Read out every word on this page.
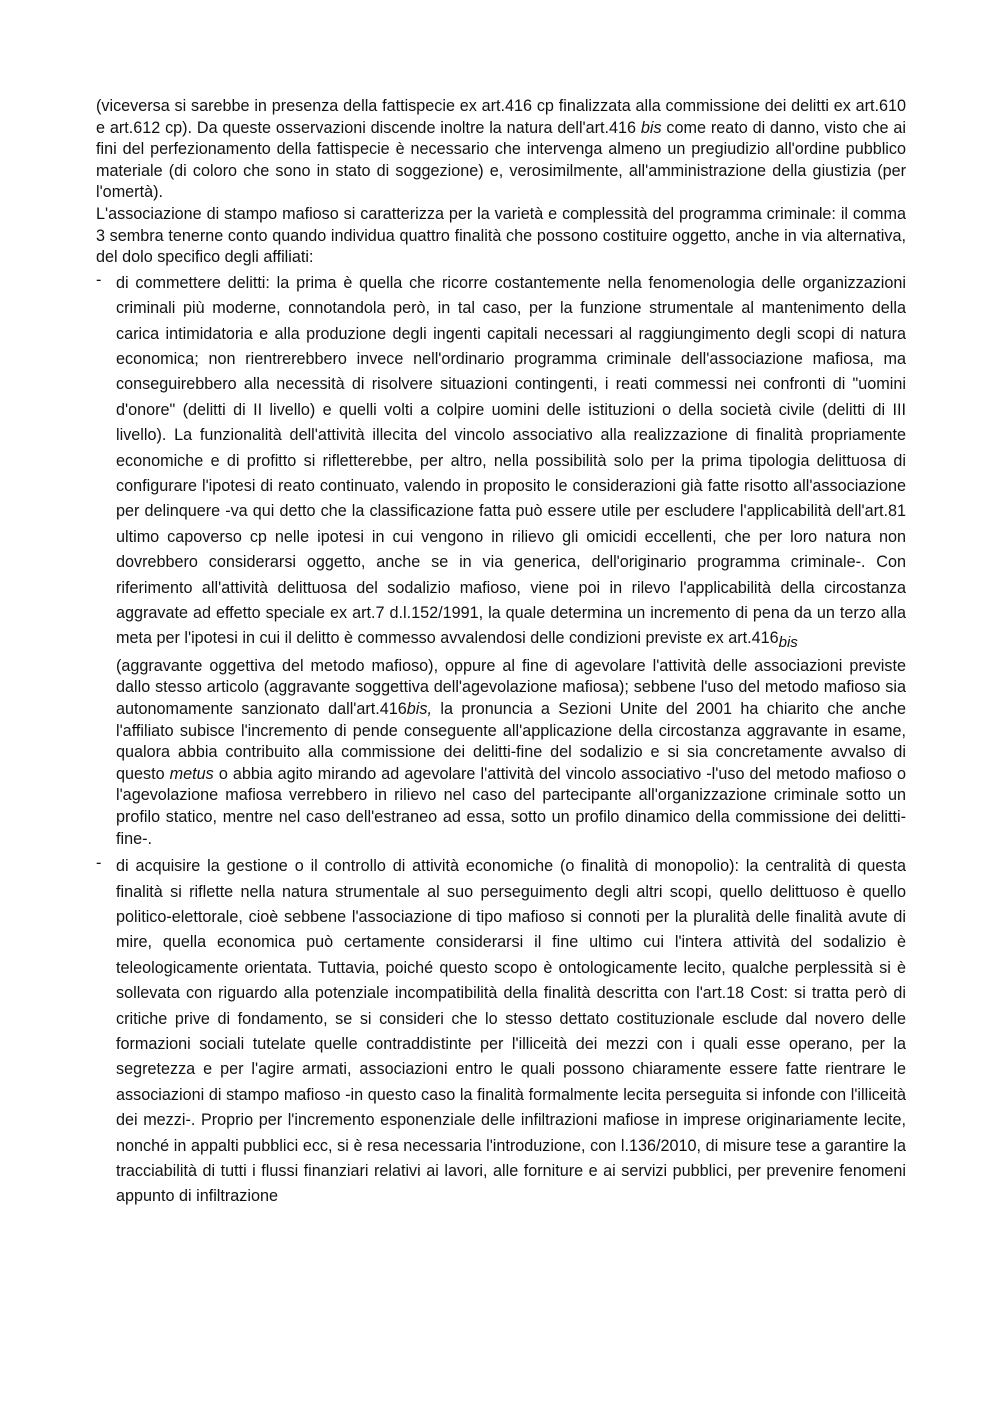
(viceversa si sarebbe in presenza della fattispecie ex art.416 cp finalizzata alla commissione dei delitti ex art.610 e art.612 cp). Da queste osservazioni discende inoltre la natura dell'art.416 bis come reato di danno, visto che ai fini del perfezionamento della fattispecie è necessario che intervenga almeno un pregiudizio all'ordine pubblico materiale (di coloro che sono in stato di soggezione) e, verosimilmente, all'amministrazione della giustizia (per l'omertà).

L'associazione di stampo mafioso si caratterizza per la varietà e complessità del programma criminale: il comma 3 sembra tenerne conto quando individua quattro finalità che possono costituire oggetto, anche in via alternativa, del dolo specifico degli affiliati:

- di commettere delitti: la prima è quella che ricorre costantemente nella fenomenologia delle organizzazioni criminali più moderne, connotandola però, in tal caso, per la funzione strumentale al mantenimento della carica intimidatoria e alla produzione degli ingenti capitali necessari al raggiungimento degli scopi di natura economica; non rientrerebbero invece nell'ordinario programma criminale dell'associazione mafiosa, ma conseguirebbero alla necessità di risolvere situazioni contingenti, i reati commessi nei confronti di "uomini d'onore" (delitti di II livello) e quelli volti a colpire uomini delle istituzioni o della società civile (delitti di III livello). La funzionalità dell'attività illecita del vincolo associativo alla realizzazione di finalità propriamente economiche e di profitto si rifletterebbe, per altro, nella possibilità solo per la prima tipologia delittuosa di configurare l'ipotesi di reato continuato, valendo in proposito le considerazioni già fatte risotto all'associazione per delinquere -va qui detto che la classificazione fatta può essere utile per escludere l'applicabilità dell'art.81 ultimo capoverso cp nelle ipotesi in cui vengono in rilievo gli omicidi eccellenti, che per loro natura non dovrebbero considerarsi oggetto, anche se in via generica, dell'originario programma criminale-. Con riferimento all'attività delittuosa del sodalizio mafioso, viene poi in rilevo l'applicabilità della circostanza aggravate ad effetto speciale ex art.7 d.l.152/1991, la quale determina un incremento di pena da un terzo alla meta per l'ipotesi in cui il delitto è commesso avvalendosi delle condizioni previste ex art.416bis

(aggravante oggettiva del metodo mafioso), oppure al fine di agevolare l'attività delle associazioni previste dallo stesso articolo (aggravante soggettiva dell'agevolazione mafiosa); sebbene l'uso del metodo mafioso sia autonomamente sanzionato dall'art.416bis, la pronuncia a Sezioni Unite del 2001 ha chiarito che anche l'affiliato subisce l'incremento di pende conseguente all'applicazione della circostanza aggravante in esame, qualora abbia contribuito alla commissione dei delitti-fine del sodalizio e si sia concretamente avvalso di questo metus o abbia agito mirando ad agevolare l'attività del vincolo associativo -l'uso del metodo mafioso o l'agevolazione mafiosa verrebbero in rilievo nel caso del partecipante all'organizzazione criminale sotto un profilo statico, mentre nel caso dell'estraneo ad essa, sotto un profilo dinamico della commissione dei delitti-fine-.

- di acquisire la gestione o il controllo di attività economiche (o finalità di monopolio): la centralità di questa finalità si riflette nella natura strumentale al suo perseguimento degli altri scopi, quello delittuoso è quello politico-elettorale, cioè sebbene l'associazione di tipo mafioso si connoti per la pluralità delle finalità avute di mire, quella economica può certamente considerarsi il fine ultimo cui l'intera attività del sodalizio è teleologicamente orientata. Tuttavia, poiché questo scopo è ontologicamente lecito, qualche perplessità si è sollevata con riguardo alla potenziale incompatibilità della finalità descritta con l'art.18 Cost: si tratta però di critiche prive di fondamento, se si consideri che lo stesso dettato costituzionale esclude dal novero delle formazioni sociali tutelate quelle contraddistinte per l'illiceità dei mezzi con i quali esse operano, per la segretezza e per l'agire armati, associazioni entro le quali possono chiaramente essere fatte rientrare le associazioni di stampo mafioso -in questo caso la finalità formalmente lecita perseguita si infonde con l'illiceità dei mezzi-. Proprio per l'incremento esponenziale delle infiltrazioni mafiose in imprese originariamente lecite, nonché in appalti pubblici ecc, si è resa necessaria l'introduzione, con l.136/2010, di misure tese a garantire la tracciabilità di tutti i flussi finanziari relativi ai lavori, alle forniture e ai servizi pubblici, per prevenire fenomeni appunto di infiltrazione
